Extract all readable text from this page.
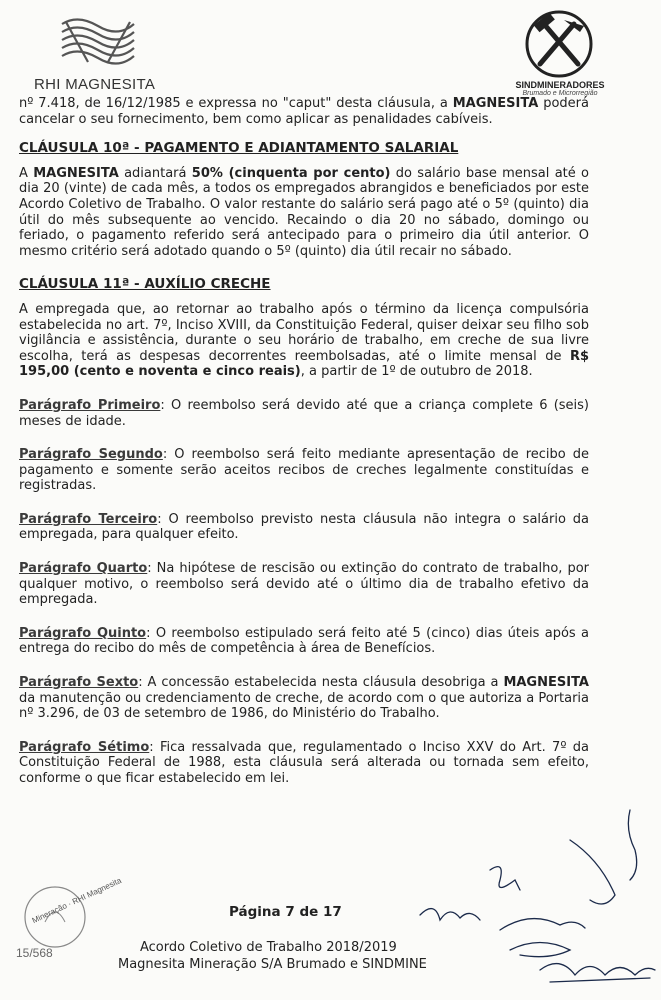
RHI MAGNESITA	SINDMINERADORES
Brumado e Microrregião

nº 7.418, de 16/12/1985 e expressa no "caput" desta cláusula, a MAGNESITA poderá cancelar o seu fornecimento, bem como aplicar as penalidades cabíveis.

CLÁUSULA 10ª - PAGAMENTO E ADIANTAMENTO SALARIAL

A MAGNESITA adiantará 50% (cinquenta por cento) do salário base mensal até o dia 20 (vinte) de cada mês, a todos os empregados abrangidos e beneficiados por este Acordo Coletivo de Trabalho. O valor restante do salário será pago até o 5º (quinto) dia útil do mês subsequente ao vencido. Recaindo o dia 20 no sábado, domingo ou feriado, o pagamento referido será antecipado para o primeiro dia útil anterior. O mesmo critério será adotado quando o 5º (quinto) dia útil recair no sábado.

CLÁUSULA 11ª - AUXÍLIO CRECHE

A empregada que, ao retornar ao trabalho após o término da licença compulsória estabelecida no art. 7º, Inciso XVIII, da Constituição Federal, quiser deixar seu filho sob vigilância e assistência, durante o seu horário de trabalho, em creche de sua livre escolha, terá as despesas decorrentes reembolsadas, até o limite mensal de R$ 195,00 (cento e noventa e cinco reais), a partir de 1º de outubro de 2018.

Parágrafo Primeiro: O reembolso será devido até que a criança complete 6 (seis) meses de idade.

Parágrafo Segundo: O reembolso será feito mediante apresentação de recibo de pagamento e somente serão aceitos recibos de creches legalmente constituídas e registradas.

Parágrafo Terceiro: O reembolso previsto nesta cláusula não integra o salário da empregada, para qualquer efeito.

Parágrafo Quarto: Na hipótese de rescisão ou extinção do contrato de trabalho, por qualquer motivo, o reembolso será devido até o último dia de trabalho efetivo da empregada.

Parágrafo Quinto: O reembolso estipulado será feito até 5 (cinco) dias úteis após a entrega do recibo do mês de competência à área de Benefícios.

Parágrafo Sexto: A concessão estabelecida nesta cláusula desobriga a MAGNESITA da manutenção ou credenciamento de creche, de acordo com o que autoriza a Portaria nº 3.296, de 03 de setembro de 1986, do Ministério do Trabalho.

Parágrafo Sétimo: Fica ressalvada que, regulamentado o Inciso XXV do Art. 7º da Constituição Federal de 1988, esta cláusula será alterada ou tornada sem efeito, conforme o que ficar estabelecido em lei.

Mineração · RHI Magnesita
15/568
Página 7 de 17
Acordo Coletivo de Trabalho 2018/2019
Magnesita Mineração S/A Brumado e SINDMINE
